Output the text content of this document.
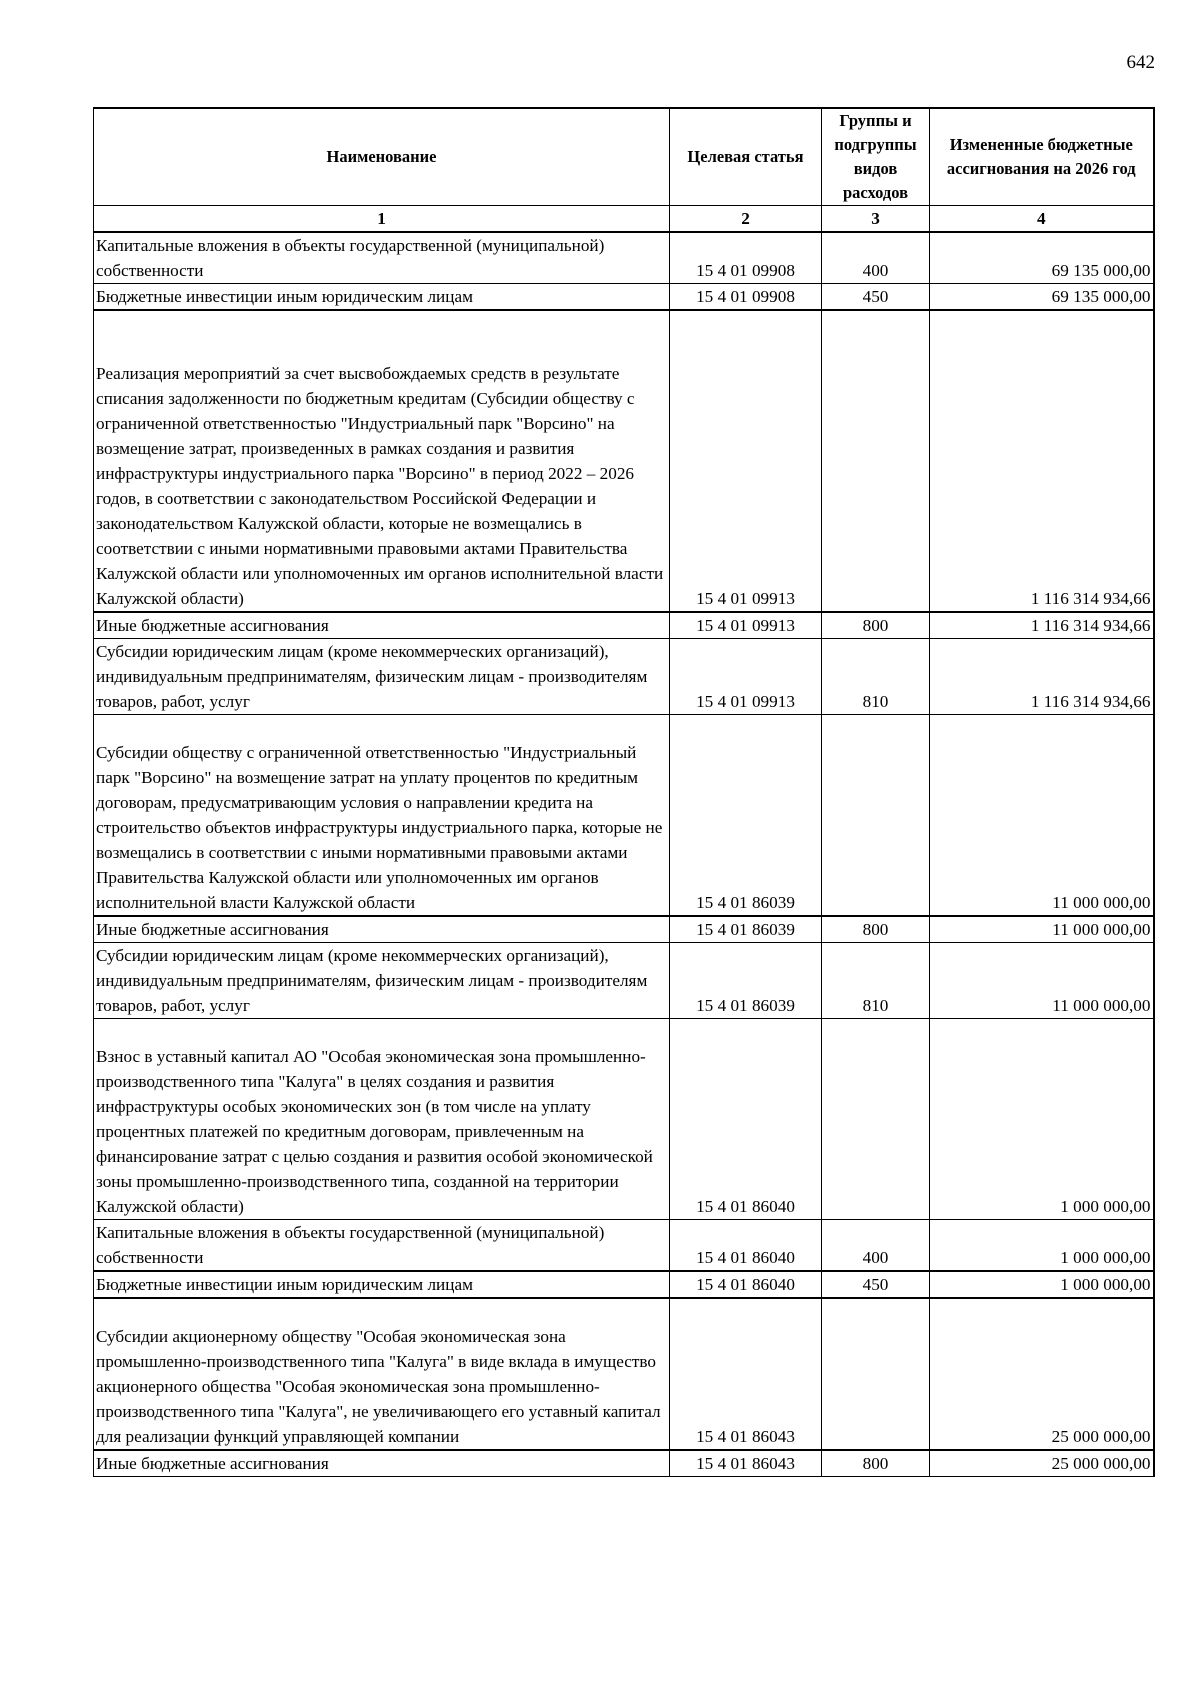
642
Наименование	Целевая статья	Группы и подгруппы видов расходов	Измененные бюджетные ассигнования на 2026 год
1	2	3	4
Капитальные вложения в объекты государственной (муниципальной) собственности	15 4 01 09908	400	69 135 000,00
Бюджетные инвестиции иным юридическим лицам	15 4 01 09908	450	69 135 000,00

Реализация мероприятий за счет высвобождаемых средств в результате списания задолженности по бюджетным кредитам (Субсидии обществу с ограниченной ответственностью "Индустриальный парк "Ворсино" на возмещение затрат, произведенных в рамках создания и развития инфраструктуры индустриального парка "Ворсино" в период 2022 – 2026 годов, в соответствии с законодательством Российской Федерации и законодательством Калужской области, которые не возмещались в соответствии с иными нормативными правовыми актами Правительства Калужской области или уполномоченных им органов исполнительной власти Калужской области)	15 4 01 09913		1 116 314 934,66
Иные бюджетные ассигнования	15 4 01 09913	800	1 116 314 934,66
Субсидии юридическим лицам (кроме некоммерческих организаций), индивидуальным предпринимателям, физическим лицам - производителям товаров, работ, услуг	15 4 01 09913	810	1 116 314 934,66

Субсидии обществу с ограниченной ответственностью "Индустриальный парк "Ворсино" на возмещение затрат на уплату процентов по кредитным договорам, предусматривающим условия о направлении кредита на строительство объектов инфраструктуры индустриального парка, которые не возмещались в соответствии с иными нормативными правовыми актами Правительства Калужской области или уполномоченных им органов исполнительной власти Калужской области	15 4 01 86039		11 000 000,00
Иные бюджетные ассигнования	15 4 01 86039	800	11 000 000,00
Субсидии юридическим лицам (кроме некоммерческих организаций), индивидуальным предпринимателям, физическим лицам - производителям товаров, работ, услуг	15 4 01 86039	810	11 000 000,00

Взнос в уставный капитал АО "Особая экономическая зона промышленно-производственного типа "Калуга" в целях создания и развития инфраструктуры особых экономических зон (в том числе на уплату процентных платежей по кредитным договорам, привлеченным на финансирование затрат с целью создания и развития особой экономической зоны промышленно-производственного типа, созданной на территории Калужской области)	15 4 01 86040		1 000 000,00
Капитальные вложения в объекты государственной (муниципальной) собственности	15 4 01 86040	400	1 000 000,00
Бюджетные инвестиции иным юридическим лицам	15 4 01 86040	450	1 000 000,00

Субсидии акционерному обществу "Особая экономическая зона промышленно-производственного типа "Калуга" в виде вклада в имущество акционерного общества "Особая экономическая зона промышленно-производственного типа "Калуга", не увеличивающего его уставный капитал для реализации функций управляющей компании	15 4 01 86043		25 000 000,00
Иные бюджетные ассигнования	15 4 01 86043	800	25 000 000,00
